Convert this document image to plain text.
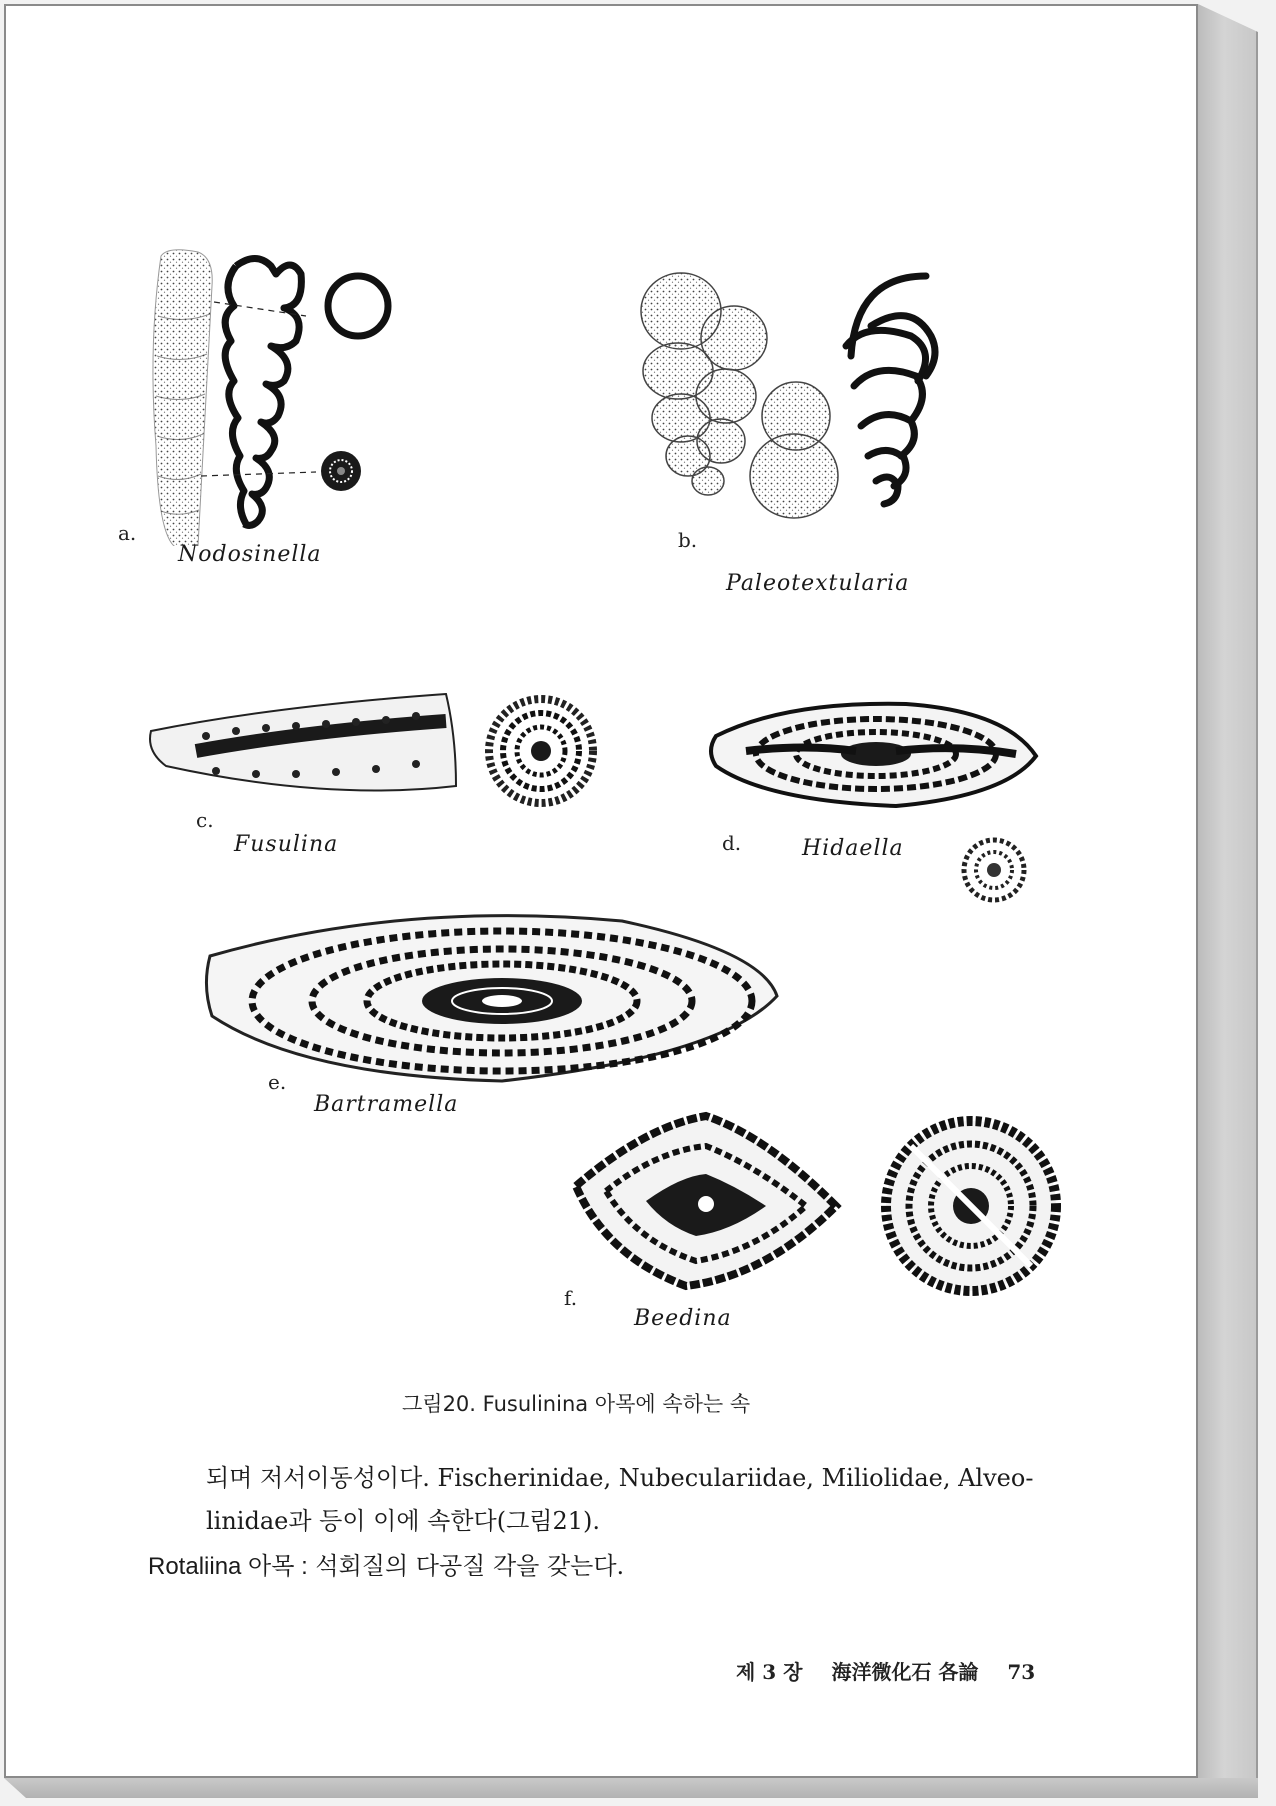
a.
Nodosinella
b.
Paleotextularia
c.
Fusulina	d.	Hidaella
e.
Bartramella
f.
Beedina
그림20. Fusulinina 아목에 속하는 속
되며 저서이동성이다. Fischerinidae, Nubeculariidae, Miliolidae, Alveo-
linidae과 등이 이에 속한다(그림21).
Rotaliina 아목 : 석회질의 다공질 각을 갖는다.
제 3 장 海洋微化石 各論 73
